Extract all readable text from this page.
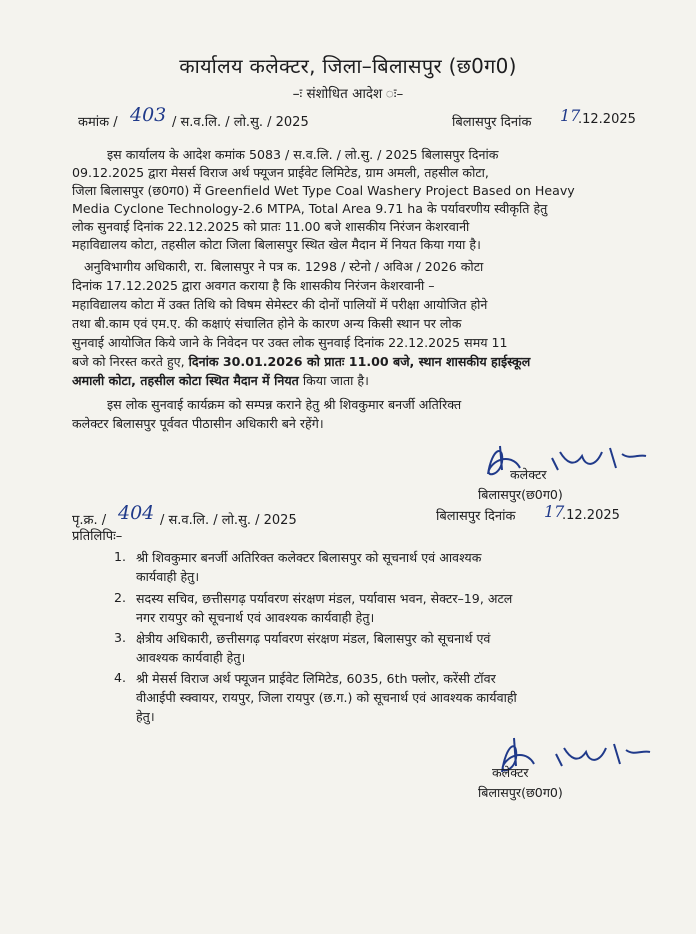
कार्यालय कलेक्टर, जिला–बिलासपुर (छ0ग0)
–ः संशोधित आदेश ः–
कमांक / 403 / स.व.लि. / लो.सु. / 2025	बिलासपुर दिनांक 17
.12.2025
इस कार्यालय के आदेश कमांक 5083 / स.व.लि. / लो.सु. / 2025 बिलासपुर दिनांक
09.12.2025 द्वारा मेसर्स विराज अर्थ फ्यूजन प्राईवेट लिमिटेड, ग्राम अमली, तहसील कोटा,
जिला बिलासपुर (छ0ग0) में Greenfield Wet Type Coal Washery Project Based on Heavy
Media Cyclone Technology-2.6 MTPA, Total Area 9.71 ha के पर्यावरणीय स्वीकृति हेतु
लोक सुनवाई दिनांक 22.12.2025 को प्रातः 11.00 बजे शासकीय निरंजन केशरवानी
महाविद्यालय कोटा, तहसील कोटा जिला बिलासपुर स्थित खेल मैदान में नियत किया गया है।
अनुविभागीय अधिकारी, रा. बिलासपुर ने पत्र क. 1298 / स्टेनो / अविअ / 2026 कोटा
दिनांक 17.12.2025 द्वारा अवगत कराया है कि शासकीय निरंजन केशरवानी –
महाविद्यालय कोटा में उक्त तिथि को विषम सेमेस्टर की दोनों पालियों में परीक्षा आयोजित होने
तथा बी.काम एवं एम.ए. की कक्षाएं संचालित होने के कारण अन्य किसी स्थान पर लोक
सुनवाई आयोजित किये जाने के निवेदन पर उक्त लोक सुनवाई दिनांक 22.12.2025 समय 11
बजे को निरस्त करते हुए, दिनांक 30.01.2026 को प्रातः 11.00 बजे, स्थान शासकीय हाईस्कूल
अमाली कोटा, तहसील कोटा स्थित मैदान में नियत किया जाता है।
इस लोक सुनवाई कार्यक्रम को सम्पन्न कराने हेतु श्री शिवकुमार बनर्जी अतिरिक्त
कलेक्टर बिलासपुर पूर्ववत पीठासीन अधिकारी बने रहेंगे।
कलेक्टर
बिलासपुर(छ0ग0)
पृ.क्र. / 404 / स.व.लि. / लो.सु. / 2025	बिलासपुर दिनांक 17
.12.2025
प्रतिलिपिः–
1. श्री शिवकुमार बनर्जी अतिरिक्त कलेक्टर बिलासपुर को सूचनार्थ एवं आवश्यक
कार्यवाही हेतु।
2. सदस्य सचिव, छत्तीसगढ़ पर्यावरण संरक्षण मंडल, पर्यावास भवन, सेक्टर–19, अटल
नगर रायपुर को सूचनार्थ एवं आवश्यक कार्यवाही हेतु।
3. क्षेत्रीय अधिकारी, छत्तीसगढ़ पर्यावरण संरक्षण मंडल, बिलासपुर को सूचनार्थ एवं
आवश्यक कार्यवाही हेतु।
4. श्री मेसर्स विराज अर्थ फ्यूजन प्राईवेट लिमिटेड, 6035, 6th फ्लोर, करेंसी टॉवर
वीआईपी स्क्वायर, रायपुर, जिला रायपुर (छ.ग.) को सूचनार्थ एवं आवश्यक कार्यवाही
हेतु।
कलेक्टर
बिलासपुर(छ0ग0)
